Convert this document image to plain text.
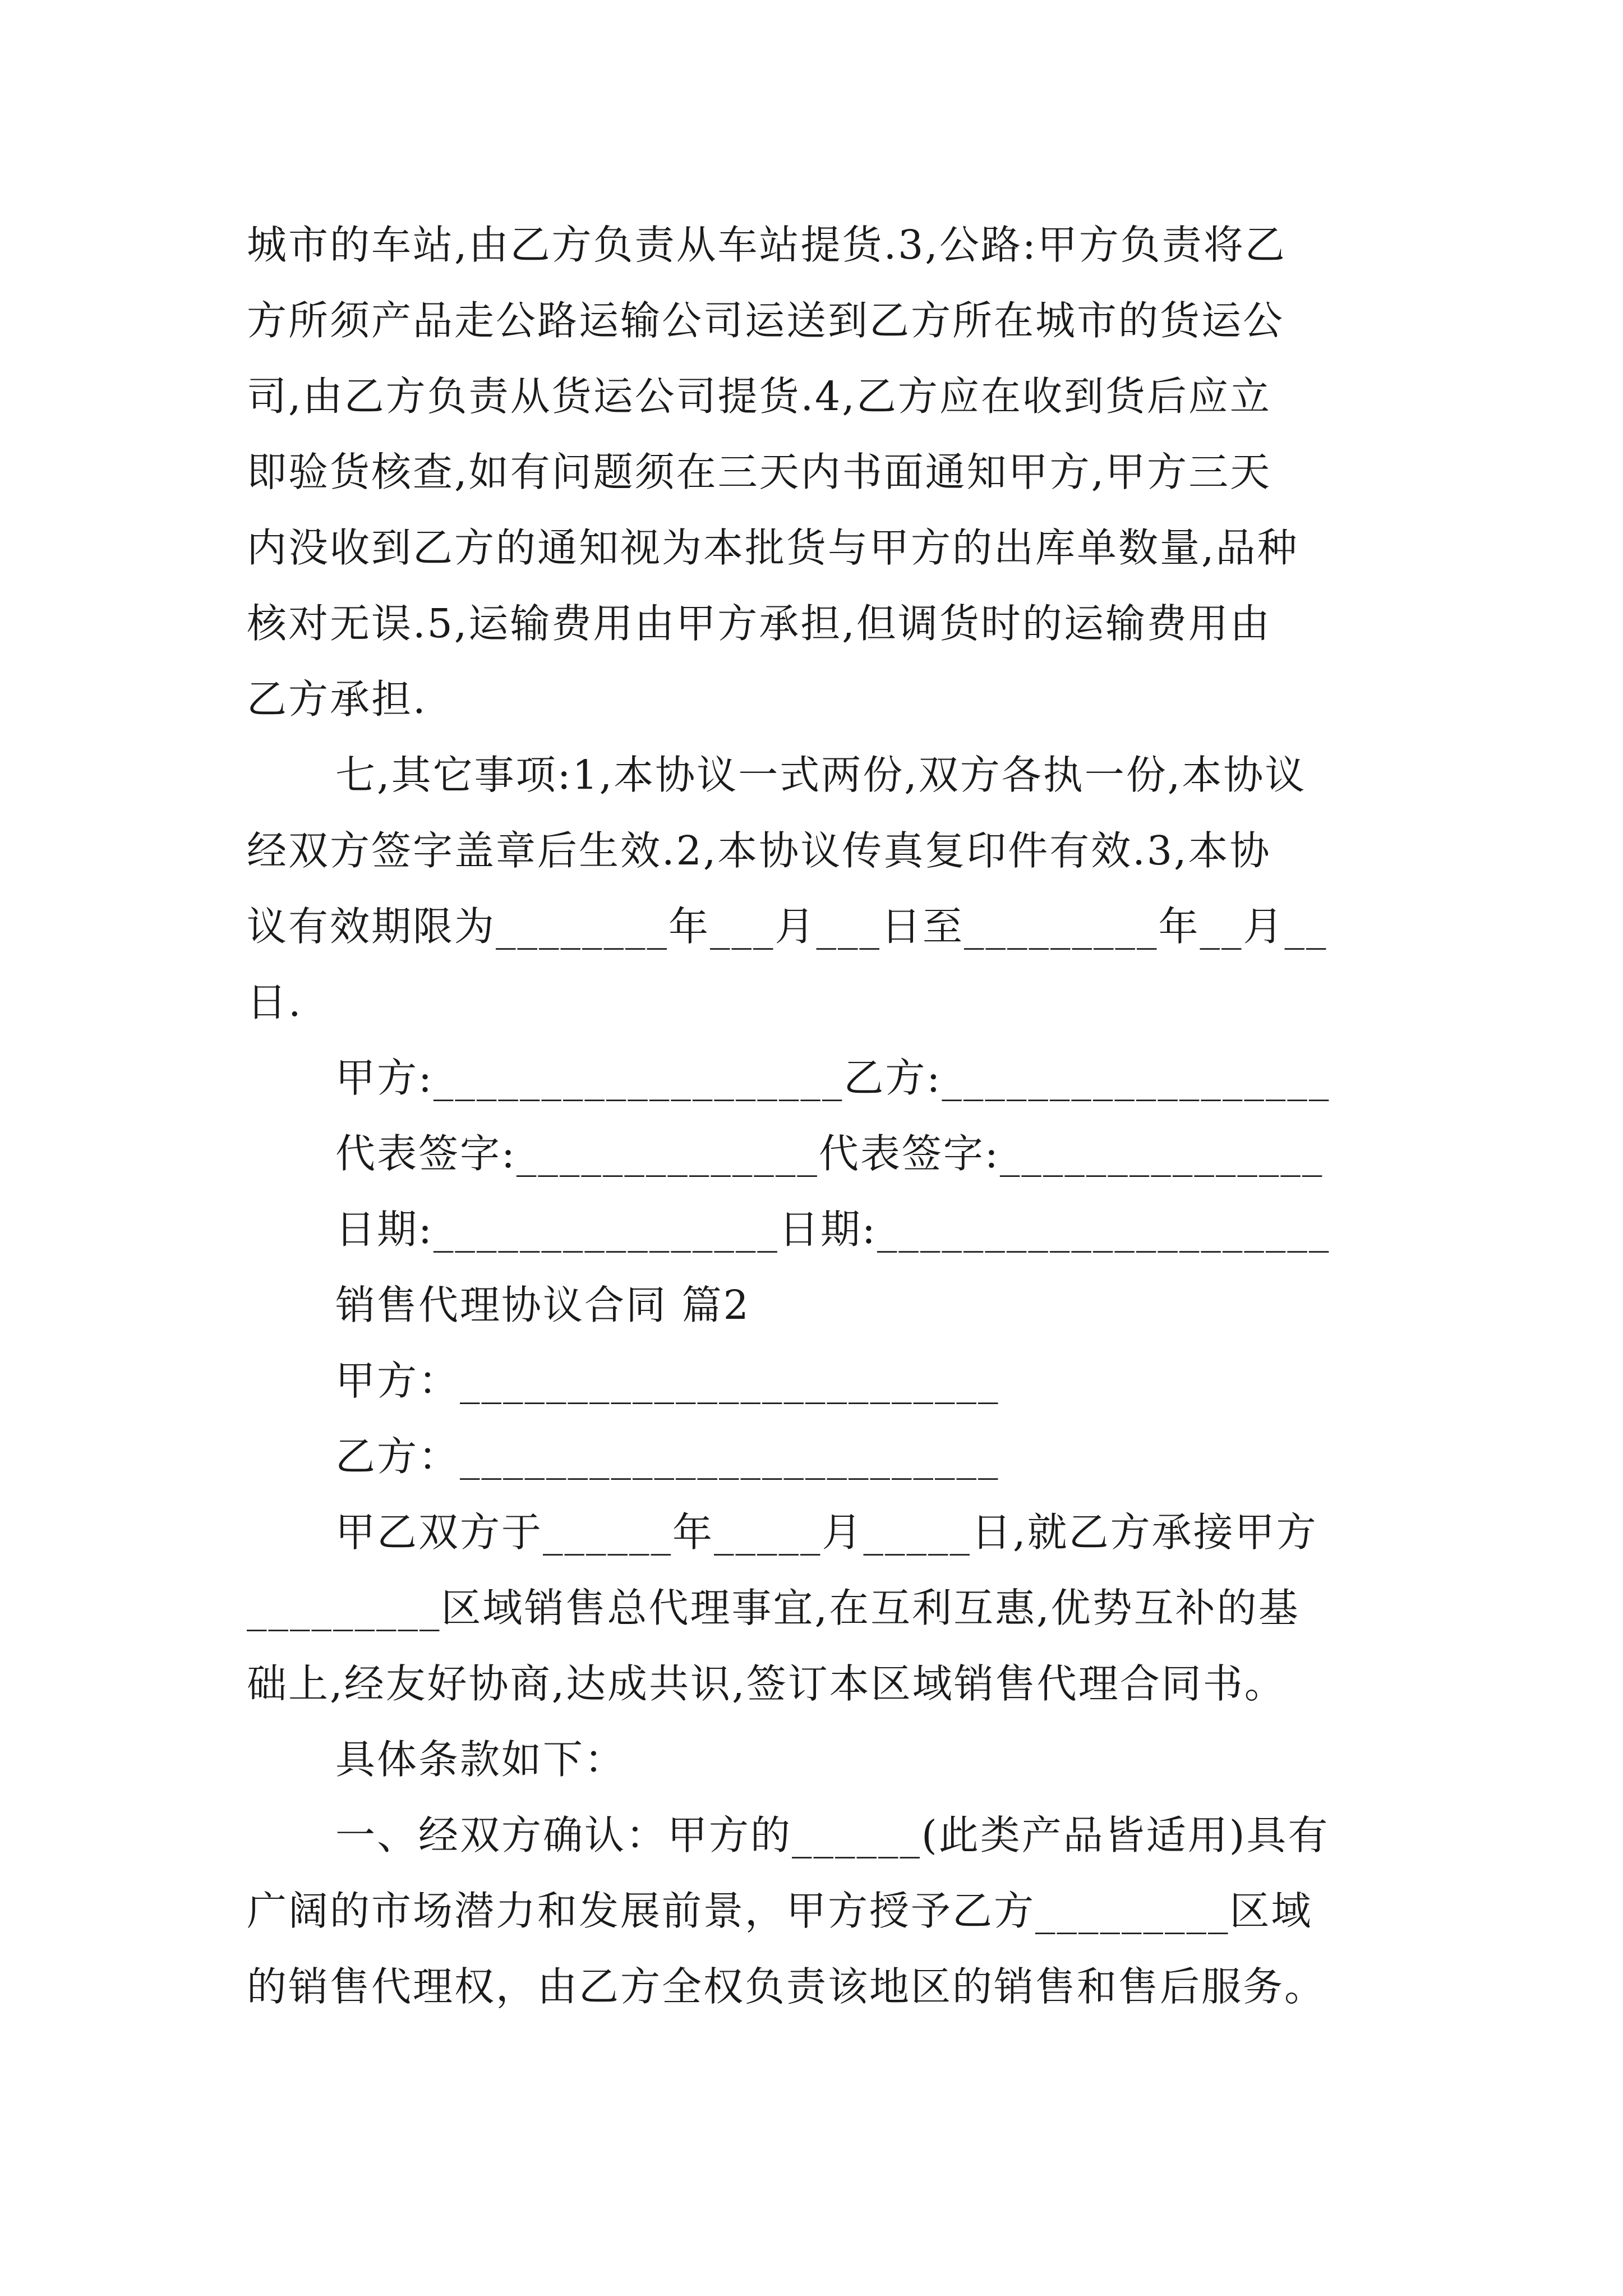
城市的车站,由乙方负责从车站提货.3,公路:甲方负责将乙
方所须产品走公路运输公司运送到乙方所在城市的货运公
司,由乙方负责从货运公司提货.4,乙方应在收到货后应立
即验货核查,如有问题须在三天内书面通知甲方,甲方三天
内没收到乙方的通知视为本批货与甲方的出库单数量,品种
核对无误.5,运输费用由甲方承担,但调货时的运输费用由
乙方承担.
七,其它事项:1,本协议一式两份,双方各执一份,本协议
经双方签字盖章后生效.2,本协议传真复印件有效.3,本协
议有效期限为________年___月___日至_________年__月__
日.
甲方:___________________乙方:__________________
代表签字:______________代表签字:_______________
日期:________________日期:_____________________
销售代理协议合同 篇2
甲方：_________________________
乙方：_________________________
甲乙双方于______年_____月_____日,就乙方承接甲方
_________区域销售总代理事宜,在互利互惠,优势互补的基
础上,经友好协商,达成共识,签订本区域销售代理合同书。
具体条款如下：
一、经双方确认：甲方的______(此类产品皆适用)具有
广阔的市场潜力和发展前景，甲方授予乙方_________区域
的销售代理权，由乙方全权负责该地区的销售和售后服务。
